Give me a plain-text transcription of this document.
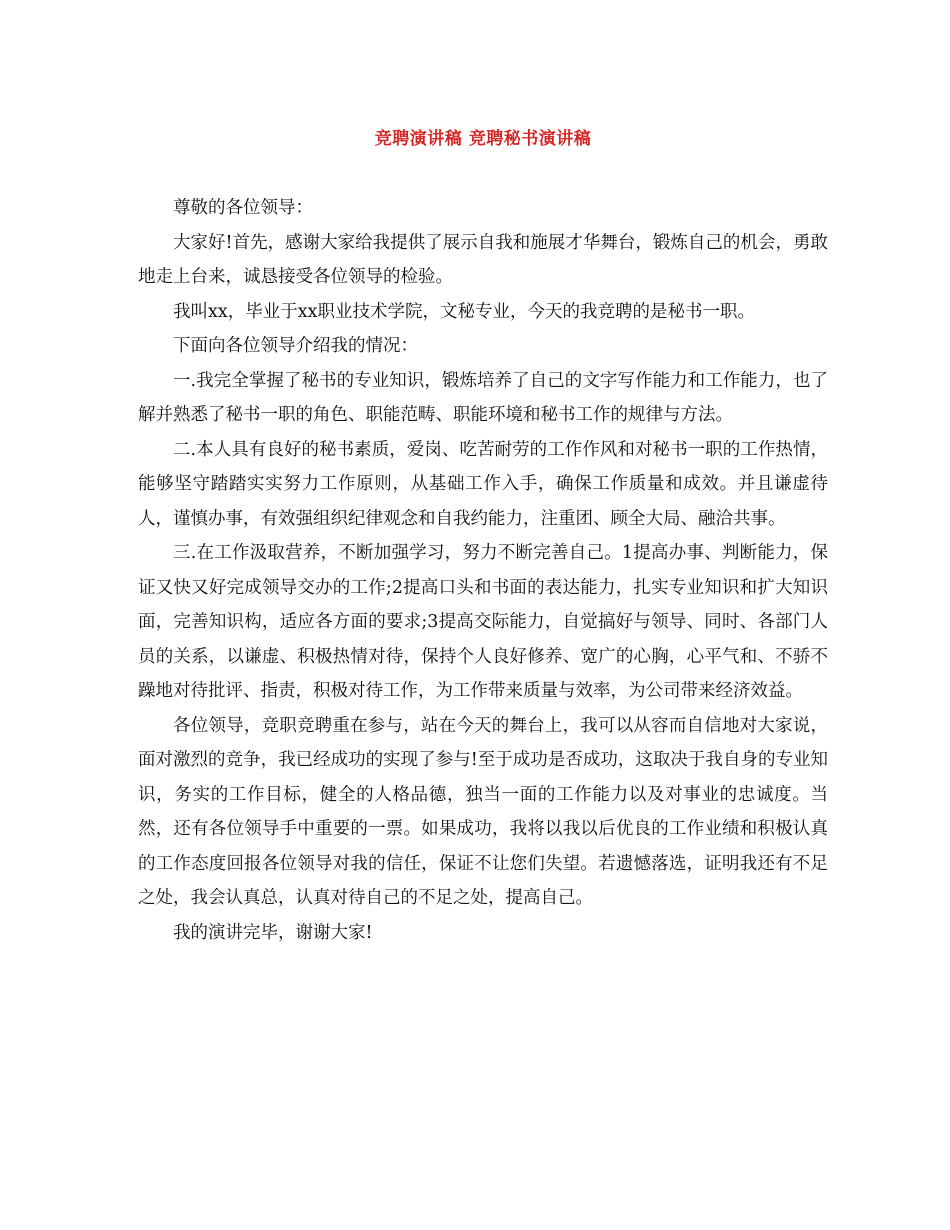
竞聘演讲稿 竞聘秘书演讲稿

尊敬的各位领导：

大家好!首先，感谢大家给我提供了展示自我和施展才华舞台，锻炼自己的机会，勇敢地走上台来，诚恳接受各位领导的检验。

我叫xx，毕业于xx职业技术学院，文秘专业，今天的我竞聘的是秘书一职。

下面向各位领导介绍我的情况：

一.我完全掌握了秘书的专业知识，锻炼培养了自己的文字写作能力和工作能力，也了解并熟悉了秘书一职的角色、职能范畴、职能环境和秘书工作的规律与方法。

二.本人具有良好的秘书素质，爱岗、吃苦耐劳的工作作风和对秘书一职的工作热情，能够坚守踏踏实实努力工作原则，从基础工作入手，确保工作质量和成效。并且谦虚待人，谨慎办事，有效强组织纪律观念和自我约能力，注重团、顾全大局、融洽共事。

三.在工作汲取营养，不断加强学习，努力不断完善自己。1提高办事、判断能力，保证又快又好完成领导交办的工作;2提高口头和书面的表达能力，扎实专业知识和扩大知识面，完善知识构，适应各方面的要求;3提高交际能力，自觉搞好与领导、同时、各部门人员的关系，以谦虚、积极热情对待，保持个人良好修养、宽广的心胸，心平气和、不骄不躁地对待批评、指责，积极对待工作，为工作带来质量与效率，为公司带来经济效益。

各位领导，竞职竞聘重在参与，站在今天的舞台上，我可以从容而自信地对大家说，面对激烈的竞争，我已经成功的实现了参与!至于成功是否成功，这取决于我自身的专业知识，务实的工作目标，健全的人格品德，独当一面的工作能力以及对事业的忠诚度。当然，还有各位领导手中重要的一票。如果成功，我将以我以后优良的工作业绩和积极认真的工作态度回报各位领导对我的信任，保证不让您们失望。若遗憾落选，证明我还有不足之处，我会认真总，认真对待自己的不足之处，提高自己。

我的演讲完毕，谢谢大家!
